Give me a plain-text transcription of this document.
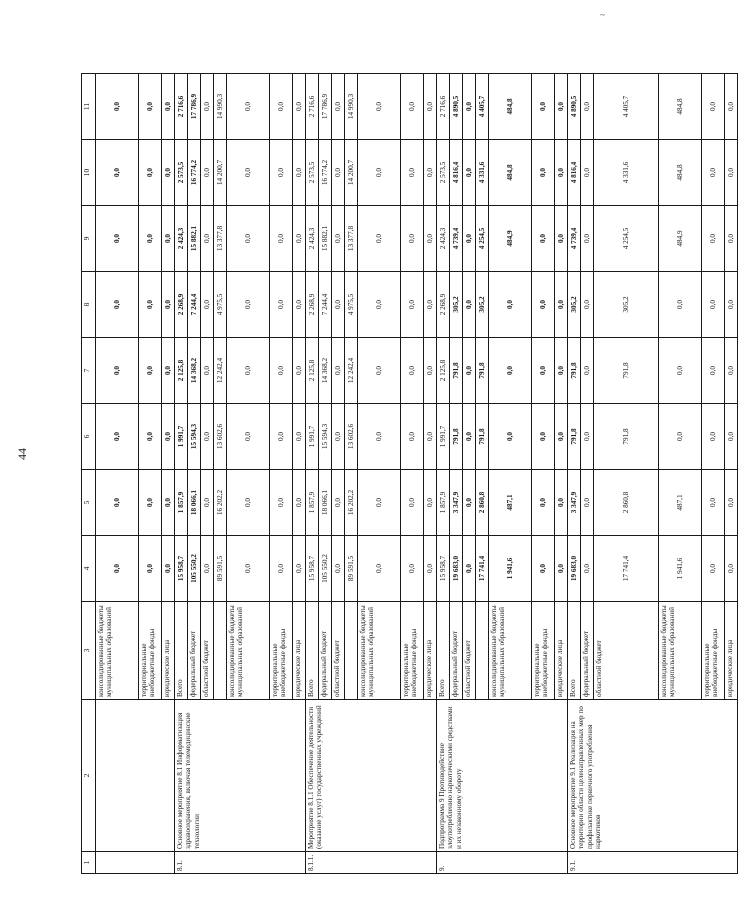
~
44
1	2	3	4	5	6	7	8	9	10	11
		консолидированные бюджеты муниципальных образований	0,0	0,0	0,0	0,0	0,0	0,0	0,0	0,0
		территориальные внебюджетные фонды	0,0	0,0	0,0	0,0	0,0	0,0	0,0	0,0
		юридические лица	0,0	0,0	0,0	0,0	0,0	0,0	0,0	0,0
8.1.	Основное мероприятие 8.1 Информатизация здравоохранения, включая телемедицинские технологии	Всего	15 958,7	1 857,9	1 991,7	2 125,8	2 268,9	2 424,3	2 573,5	2 716,6
		федеральный бюджет	105 550,2	18 066,1	15 594,3	14 368,2	7 244,4	15 882,1	16 774,2	17 786,9
		областной бюджет	0,0	0,0	0,0	0,0	0,0	0,0	0,0	0,0
			89 591,5	16 202,2	13 602,6	12 242,4	4 975,5	13 377,8	14 200,7	14 990,3
		консолидированные бюджеты муниципальных образований	0,0	0,0	0,0	0,0	0,0	0,0	0,0	0,0
		территориальные внебюджетные фонды	0,0	0,0	0,0	0,0	0,0	0,0	0,0	0,0
		юридические лица	0,0	0,0	0,0	0,0	0,0	0,0	0,0	0,0
8.1.1.	Мероприятие 8.1.1 Обеспечение деятельности (оказание услуг) государственных учреждений	Всего	15 958,7	1 857,9	1 991,7	2 125,8	2 268,9	2 424,3	2 573,5	2 716,6
		федеральный бюджет	105 550,2	18 066,1	15 594,3	14 368,2	7 244,4	15 882,1	16 774,2	17 786,9
		областной бюджет	0,0	0,0	0,0	0,0	0,0	0,0	0,0	0,0
			89 591,5	16 202,2	13 602,6	12 242,4	4 975,5	13 377,8	14 200,7	14 990,3
		консолидированные бюджеты муниципальных образований	0,0	0,0	0,0	0,0	0,0	0,0	0,0	0,0
		территориальные внебюджетные фонды	0,0	0,0	0,0	0,0	0,0	0,0	0,0	0,0
		юридические лица	0,0	0,0	0,0	0,0	0,0	0,0	0,0	0,0
9.	Подпрограмма 9 Противодействие злоупотреблению наркотическими средствами и их незаконному обороту	Всего	15 958,7	1 857,9	1 991,7	2 125,8	2 268,9	2 424,3	2 573,5	2 716,6
		федеральный бюджет	19 683,0	3 347,9	791,8	791,8	305,2	4 739,4	4 816,4	4 890,5
		областной бюджет	0,0	0,0	0,0	0,0	0,0	0,0	0,0	0,0
			17 741,4	2 860,8	791,8	791,8	305,2	4 254,5	4 331,6	4 405,7
		консолидированные бюджеты муниципальных образований	1 941,6	487,1	0,0	0,0	0,0	484,9	484,8	484,8
		территориальные внебюджетные фонды	0,0	0,0	0,0	0,0	0,0	0,0	0,0	0,0
		юридические лица	0,0	0,0	0,0	0,0	0,0	0,0	0,0	0,0
9.1.	Основное мероприятие 9.1 Реализация на территории области целенаправленных мер по профилактике первичного употребления наркотиков	Всего	19 683,0	3 347,9	791,8	791,8	305,2	4 739,4	4 816,4	4 890,5
		федеральный бюджет	0,0	0,0	0,0	0,0	0,0	0,0	0,0	0,0
		областной бюджет	17 741,4	2 860,8	791,8	791,8	305,2	4 254,5	4 331,6	4 405,7
		консолидированные бюджеты муниципальных образований	1 941,6	487,1	0,0	0,0	0,0	484,9	484,8	484,8
		территориальные внебюджетные фонды	0,0	0,0	0,0	0,0	0,0	0,0	0,0	0,0
		юридические лица	0,0	0,0	0,0	0,0	0,0	0,0	0,0	0,0
